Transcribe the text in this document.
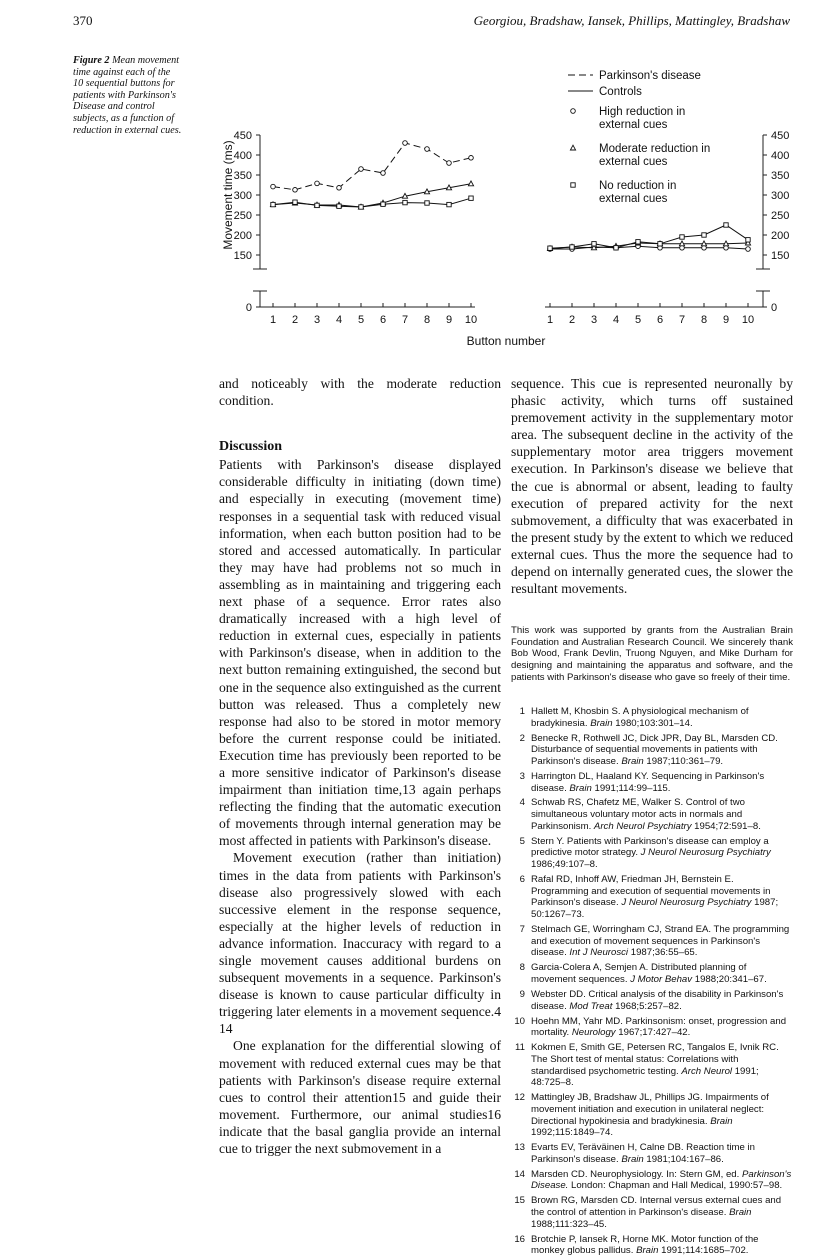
370	Georgiou, Bradshaw, Iansek, Phillips, Mattingley, Bradshaw
Figure 2 Mean movement time against each of the 10 sequential buttons for patients with Parkinson's Disease and control subjects, as a function of reduction in external cues.
0	0
150	150
200	200
250	250
300	300
350	350
400	400
450	450
1	1
2	2
3	3
4	4
5	5
6	6
7	7
8	8
9	9
10	10
Movement time (ms)
Button number
Parkinson's disease
Controls
High reduction in
external cues
Moderate reduction in
external cues
No reduction in
external cues

and noticeably with the moderate reduction condition.

Discussion

Patients with Parkinson's disease displayed considerable difficulty in initiating (down time) and especially in executing (movement time) responses in a sequential task with reduced visual information, when each button position had to be stored and accessed automatically. In particular they may have had problems not so much in assembling as in maintaining and triggering each next phase of a sequence. Error rates also dramatically increased with a high level of reduction in external cues, especially in patients with Parkinson's disease, when in addition to the next button remaining extinguished, the second but one in the sequence also extinguished as the current button was released. Thus a completely new response had also to be stored in motor memory before the current response could be initiated. Execution time has previously been reported to be a more sensitive indicator of Parkinson's disease impairment than initiation time,13 again perhaps reflecting the finding that the automatic execution of movements through internal generation may be most affected in patients with Parkinson's disease.

Movement execution (rather than initiation) times in the data from patients with Parkinson's disease also progressively slowed with each successive element in the response sequence, especially at the higher levels of reduction in advance information. Inaccuracy with regard to a single movement causes additional burdens on subsequent movements in a sequence. Parkinson's disease is known to cause particular difficulty in triggering later elements in a movement sequence.4 14

One explanation for the differential slowing of movement with reduced external cues may be that patients with Parkinson's disease require external cues to control their attention15 and guide their movement. Furthermore, our animal studies16 indicate that the basal ganglia provide an internal cue to trigger the next submovement in a

sequence. This cue is represented neuronally by phasic activity, which turns off sustained premovement activity in the supplementary motor area. The subsequent decline in the activity of the supplementary motor area triggers movement execution. In Parkinson's disease we believe that the cue is abnormal or absent, leading to faulty execution of prepared activity for the next submovement, a difficulty that was exacerbated in the present study by the extent to which we reduced external cues. Thus the more the sequence had to depend on internally generated cues, the slower the resultant movements.

This work was supported by grants from the Australian Brain Foundation and Australian Research Council. We sincerely thank Bob Wood, Frank Devlin, Truong Nguyen, and Mike Durham for designing and maintaining the apparatus and software, and the patients with Parkinson's disease who gave so freely of their time.
1 Hallett M, Khosbin S. A physiological mechanism of bradykinesia. Brain 1980;103:301–14.
2 Benecke R, Rothwell JC, Dick JPR, Day BL, Marsden CD. Disturbance of sequential movements in patients with Parkinson's disease. Brain 1987;110:361–79.
3 Harrington DL, Haaland KY. Sequencing in Parkinson's disease. Brain 1991;114:99–115.
4 Schwab RS, Chafetz ME, Walker S. Control of two simultaneous voluntary motor acts in normals and Parkinsonism. Arch Neurol Psychiatry 1954;72:591–8.
5 Stern Y. Patients with Parkinson's disease can employ a predictive motor strategy. J Neurol Neurosurg Psychiatry 1986;49:107–8.
6 Rafal RD, Inhoff AW, Friedman JH, Bernstein E. Programming and execution of sequential movements in Parkinson's disease. J Neurol Neurosurg Psychiatry 1987; 50:1267–73.
7 Stelmach GE, Worringham CJ, Strand EA. The programming and execution of movement sequences in Parkinson's disease. Int J Neurosci 1987;36:55–65.
8 Garcia-Colera A, Semjen A. Distributed planning of movement sequences. J Motor Behav 1988;20:341–67.
9 Webster DD. Critical analysis of the disability in Parkinson's disease. Mod Treat 1968;5:257–82.
10 Hoehn MM, Yahr MD. Parkinsonism: onset, progression and mortality. Neurology 1967;17:427–42.
11 Kokmen E, Smith GE, Petersen RC, Tangalos E, Ivnik RC. The Short test of mental status: Correlations with standardised psychometric testing. Arch Neurol 1991; 48:725–8.
12 Mattingley JB, Bradshaw JL, Phillips JG. Impairments of movement initiation and execution in unilateral neglect: Directional hypokinesia and bradykinesia. Brain 1992;115:1849–74.
13 Evarts EV, Teräväinen H, Calne DB. Reaction time in Parkinson's disease. Brain 1981;104:167–86.
14 Marsden CD. Neurophysiology. In: Stern GM, ed. Parkinson's Disease. London: Chapman and Hall Medical, 1990:57–98.
15 Brown RG, Marsden CD. Internal versus external cues and the control of attention in Parkinson's disease. Brain 1988;111:323–45.
16 Brotchie P, Iansek R, Horne MK. Motor function of the monkey globus pallidus. Brain 1991;114:1685–702.
